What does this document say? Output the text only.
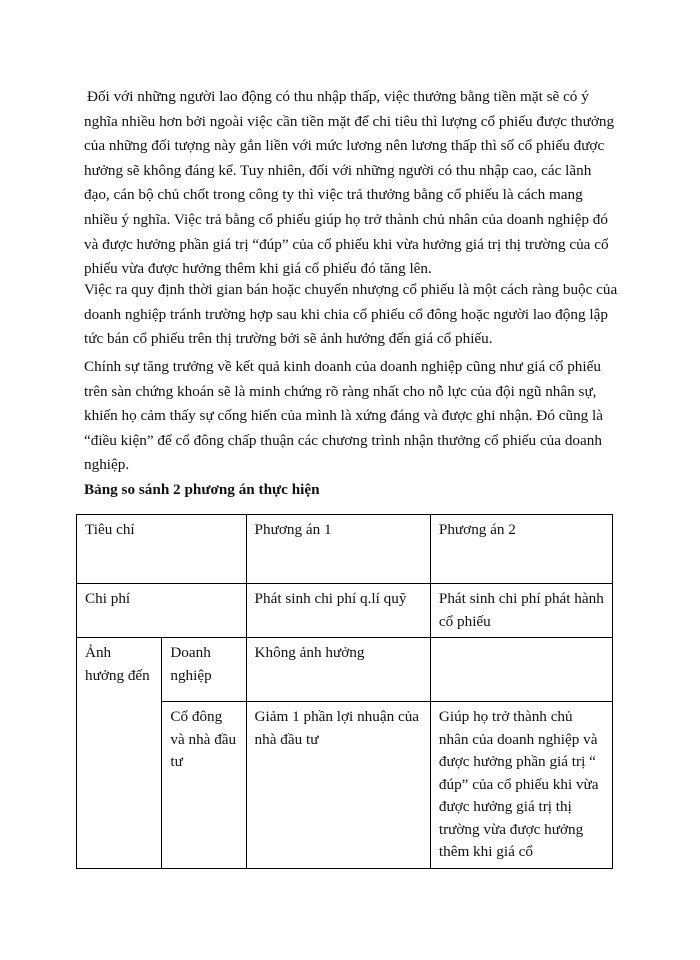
Đối với những người lao động có thu nhập thấp, việc thưởng bằng tiền mặt sẽ có ý nghĩa nhiều hơn bởi ngoài việc cần tiền mặt để chi tiêu thì lượng cổ phiếu được thưởng của những đối tượng này gắn liền với mức lương nên lương thấp thì số cổ phiếu được hưởng sẽ không đáng kể. Tuy nhiên, đối với những người có thu nhập cao, các lãnh đạo, cán bộ chủ chốt trong công ty thì việc trả thưởng bằng cổ phiếu là cách mang nhiều ý nghĩa. Việc trả bằng cổ phiếu giúp họ trở thành chủ nhân của doanh nghiệp đó và được hưởng phần giá trị “đúp” của cổ phiếu khi vừa hưởng giá trị thị trường của cổ phiếu vừa được hưởng thêm khi giá cổ phiếu đó tăng lên.

Việc ra quy định thời gian bán hoặc chuyển nhượng cổ phiếu là một cách ràng buộc của doanh nghiệp tránh trường hợp sau khi chia cổ phiếu cổ đông hoặc người lao động lập tức bán cổ phiếu trên thị trường bởi sẽ ảnh hưởng đến giá cổ phiếu.

Chính sự tăng trưởng về kết quả kinh doanh của doanh nghiệp cũng như giá cổ phiếu trên sàn chứng khoán sẽ là minh chứng rõ ràng nhất cho nỗ lực của đội ngũ nhân sự, khiến họ cảm thấy sự cống hiến của mình là xứng đáng và được ghi nhận. Đó cũng là “điều kiện” để cổ đông chấp thuận các chương trình nhận thưởng cổ phiếu của doanh nghiệp.

Bảng so sánh 2 phương án thực hiện

Tiêu chí		Phương án 1	Phương án 2
Chi phí		Phát sinh chi phí q.lí quỹ	Phát sinh chi phí phát hành cổ phiếu
Ảnh hưởng đến	Doanh nghiệp	Không ảnh hưởng	
	Cổ đông và nhà đầu tư	Giảm 1 phần lợi nhuận của nhà đầu tư	Giúp họ trở thành chủ nhân của doanh nghiệp và được hưởng phần giá trị “ đúp” của cổ phiếu khi vừa được hưởng giá trị thị trường vừa được hưởng thêm khi giá cổ
